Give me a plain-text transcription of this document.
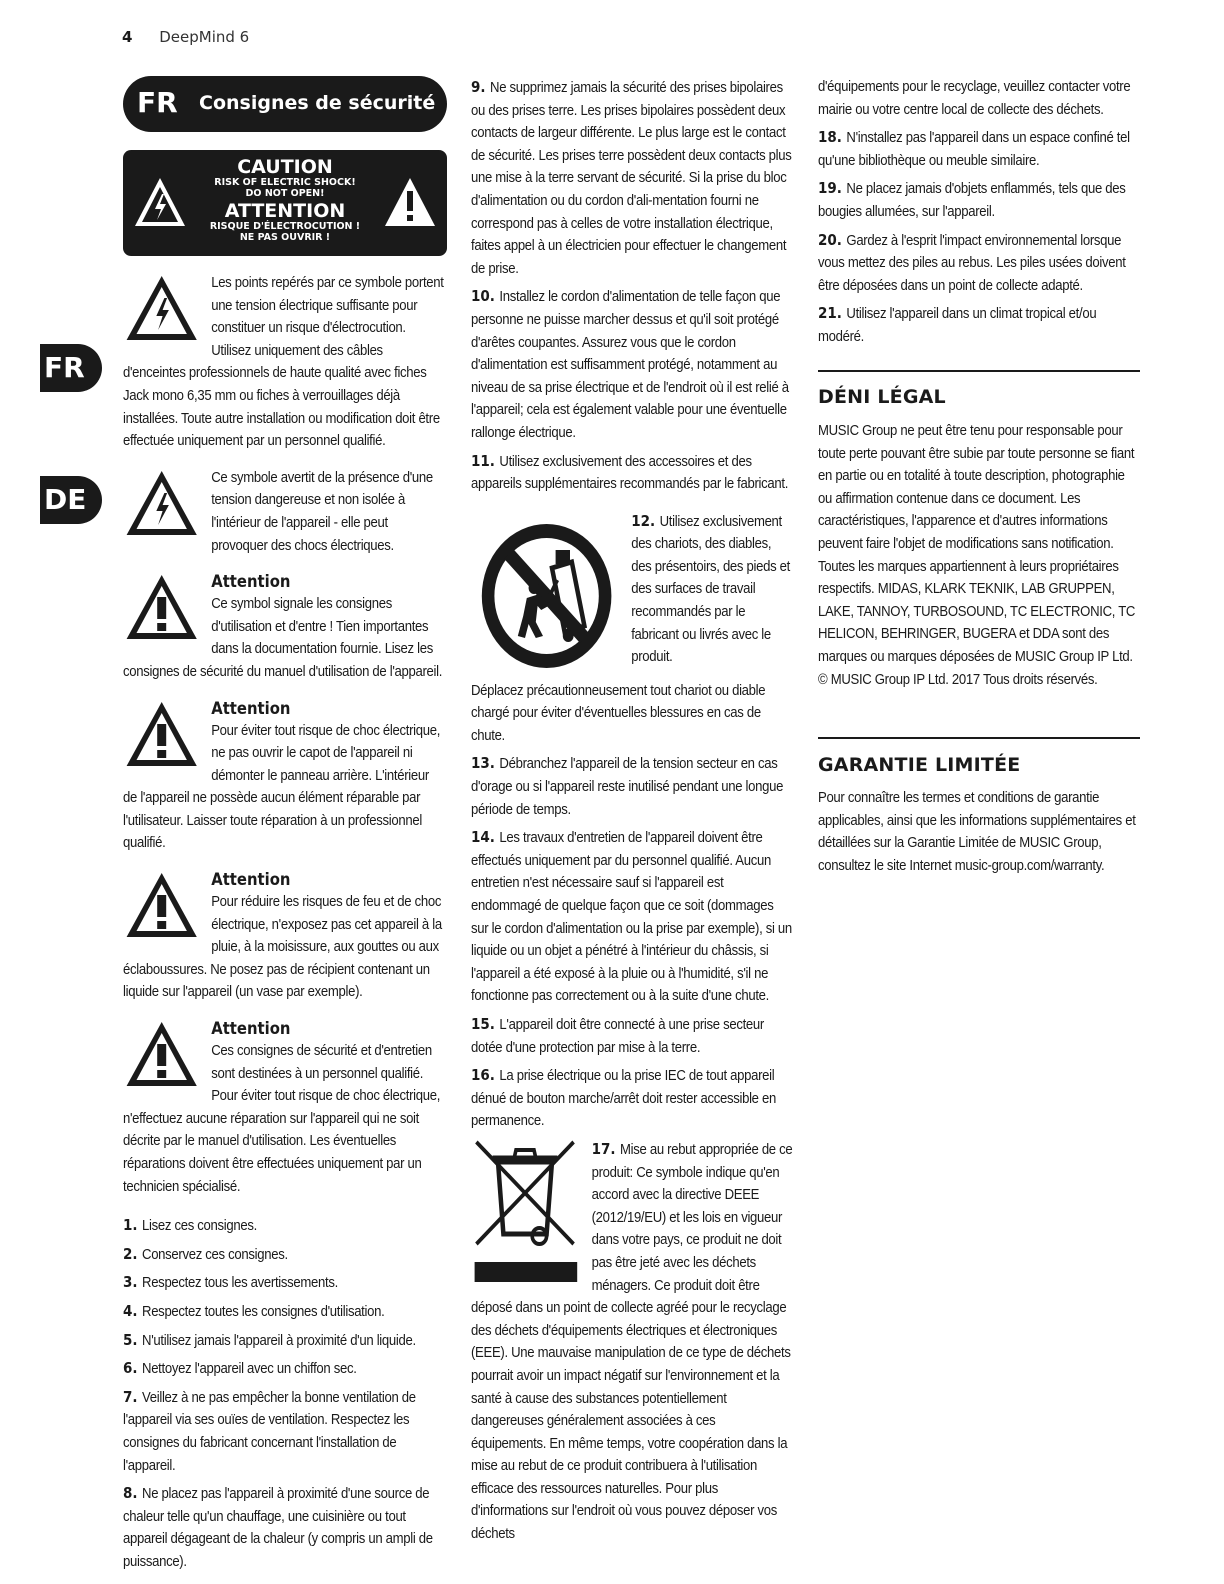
4 DeepMind 6
FR
DE
FR Consignes de sécurité
CAUTION
RISK OF ELECTRIC SHOCK!
DO NOT OPEN!
ATTENTION
RISQUE D'ÉLECTROCUTION !
NE PAS OUVRIR !
Les points repérés par ce symbole portent une tension électrique suffisante pour constituer un risque d'électrocution. Utilisez uniquement des câbles d'enceintes professionnels de haute qualité avec fiches Jack mono 6,35 mm ou fiches à verrouillages déjà installées. Toute autre installation ou modification doit être effectuée uniquement par un personnel qualifié.
Ce symbole avertit de la présence d'une tension dangereuse et non isolée à l'intérieur de l'appareil - elle peut provoquer des chocs électriques.
Attention
Ce symbol signale les consignes d'utilisation et d'entre ! Tien importantes dans la documentation fournie. Lisez les consignes de sécurité du manuel d'utilisation de l'appareil.
Attention
Pour éviter tout risque de choc électrique, ne pas ouvrir le capot de l'appareil ni démonter le panneau arrière. L'intérieur de l'appareil ne possède aucun élément réparable par l'utilisateur. Laisser toute réparation à un professionnel qualifié.
Attention
Pour réduire les risques de feu et de choc électrique, n'exposez pas cet appareil à la pluie, à la moisissure, aux gouttes ou aux éclaboussures. Ne posez pas de récipient contenant un liquide sur l'appareil (un vase par exemple).
Attention
Ces consignes de sécurité et d'entretien sont destinées à un personnel qualifié. Pour éviter tout risque de choc électrique, n'effectuez aucune réparation sur l'appareil qui ne soit décrite par le manuel d'utilisation. Les éventuelles réparations doivent être effectuées uniquement par un technicien spécialisé.
1. Lisez ces consignes.
2. Conservez ces consignes.
3. Respectez tous les avertissements.
4. Respectez toutes les consignes d'utilisation.
5. N'utilisez jamais l'appareil à proximité d'un liquide.
6. Nettoyez l'appareil avec un chiffon sec.
7. Veillez à ne pas empêcher la bonne ventilation de l'appareil via ses ouïes de ventilation. Respectez les consignes du fabricant concernant l'installation de l'appareil.
8. Ne placez pas l'appareil à proximité d'une source de chaleur telle qu'un chauffage, une cuisinière ou tout appareil dégageant de la chaleur (y compris un ampli de puissance).
9. Ne supprimez jamais la sécurité des prises bipolaires ou des prises terre. Les prises bipolaires possèdent deux contacts de largeur différente. Le plus large est le contact de sécurité. Les prises terre possèdent deux contacts plus une mise à la terre servant de sécurité. Si la prise du bloc d'alimentation ou du cordon d'ali-mentation fourni ne correspond pas à celles de votre installation électrique, faites appel à un électricien pour effectuer le changement de prise.
10. Installez le cordon d'alimentation de telle façon que personne ne puisse marcher dessus et qu'il soit protégé d'arêtes coupantes. Assurez vous que le cordon d'alimentation est suffisamment protégé, notamment au niveau de sa prise électrique et de l'endroit où il est relié à l'appareil; cela est également valable pour une éventuelle rallonge électrique.
11. Utilisez exclusivement des accessoires et des appareils supplémentaires recommandés par le fabricant.
12. Utilisez exclusivement des chariots, des diables, des présentoirs, des pieds et des surfaces de travail recommandés par le fabricant ou livrés avec le produit.
Déplacez précautionneusement tout chariot ou diable chargé pour éviter d'éventuelles blessures en cas de chute.
13. Débranchez l'appareil de la tension secteur en cas d'orage ou si l'appareil reste inutilisé pendant une longue période de temps.
14. Les travaux d'entretien de l'appareil doivent être effectués uniquement par du personnel qualifié. Aucun entretien n'est nécessaire sauf si l'appareil est endommagé de quelque façon que ce soit (dommages sur le cordon d'alimentation ou la prise par exemple), si un liquide ou un objet a pénétré à l'intérieur du châssis, si l'appareil a été exposé à la pluie ou à l'humidité, s'il ne fonctionne pas correctement ou à la suite d'une chute.
15. L'appareil doit être connecté à une prise secteur dotée d'une protection par mise à la terre.
16. La prise électrique ou la prise IEC de tout appareil dénué de bouton marche/arrêt doit rester accessible en permanence.
17. Mise au rebut appropriée de ce produit: Ce symbole indique qu'en accord avec la directive DEEE (2012/19/EU) et les lois en vigueur dans votre pays, ce produit ne doit pas être jeté avec les déchets ménagers. Ce produit doit être
déposé dans un point de collecte agréé pour le recyclage des déchets d'équipements électriques et électroniques (EEE). Une mauvaise manipulation de ce type de déchets pourrait avoir un impact négatif sur l'environnement et la santé à cause des substances potentiellement dangereuses généralement associées à ces équipements. En même temps, votre coopération dans la mise au rebut de ce produit contribuera à l'utilisation efficace des ressources naturelles. Pour plus d'informations sur l'endroit où vous pouvez déposer vos déchets
d'équipements pour le recyclage, veuillez contacter votre mairie ou votre centre local de collecte des déchets.
18. N'installez pas l'appareil dans un espace confiné tel qu'une bibliothèque ou meuble similaire.
19. Ne placez jamais d'objets enflammés, tels que des bougies allumées, sur l'appareil.
20. Gardez à l'esprit l'impact environnemental lorsque vous mettez des piles au rebus. Les piles usées doivent être déposées dans un point de collecte adapté.
21. Utilisez l'appareil dans un climat tropical et/ou modéré.
DÉNI LÉGAL
MUSIC Group ne peut être tenu pour responsable pour toute perte pouvant être subie par toute personne se fiant en partie ou en totalité à toute description, photographie ou affirmation contenue dans ce document. Les caractéristiques, l'apparence et d'autres informations peuvent faire l'objet de modifications sans notification. Toutes les marques appartiennent à leurs propriétaires respectifs. MIDAS, KLARK TEKNIK, LAB GRUPPEN, LAKE, TANNOY, TURBOSOUND, TC ELECTRONIC, TC HELICON, BEHRINGER, BUGERA et DDA sont des marques ou marques déposées de MUSIC Group IP Ltd. © MUSIC Group IP Ltd. 2017 Tous droits réservés.
GARANTIE LIMITÉE
Pour connaître les termes et conditions de garantie applicables, ainsi que les informations supplémentaires et détaillées sur la Garantie Limitée de MUSIC Group, consultez le site Internet music-group.com/warranty.
